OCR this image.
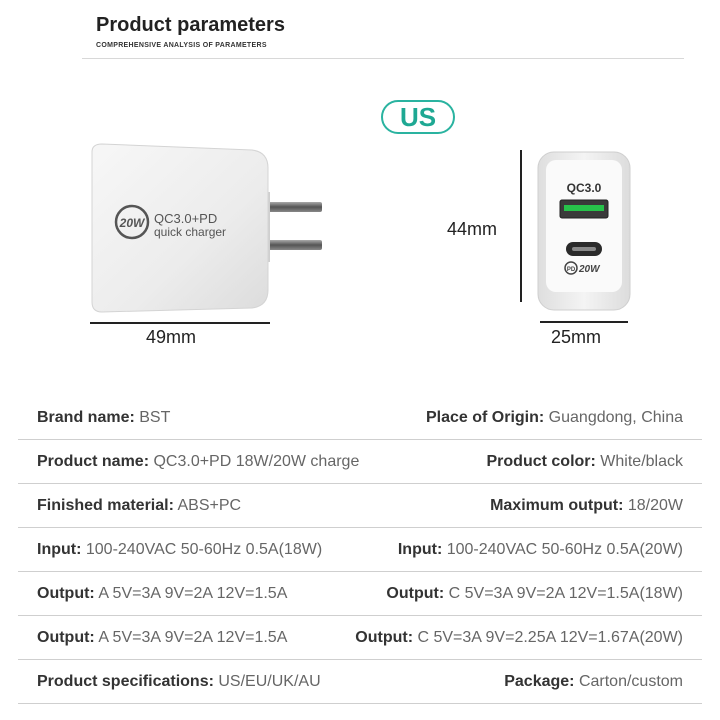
Product parameters
COMPREHENSIVE ANALYSIS OF PARAMETERS
US
20W QC3.0+PD
quick charger
49mm
QC3.0
PD 20W
44mm
25mm
Brand name: BST	Place of Origin: Guangdong, China
Product name: QC3.0+PD 18W/20W charge	Product color: White/black
Finished material: ABS+PC	Maximum output: 18/20W
Input: 100-240VAC 50-60Hz 0.5A(18W)	Input: 100-240VAC 50-60Hz 0.5A(20W)
Output: A 5V=3A 9V=2A 12V=1.5A	Output: C 5V=3A 9V=2A 12V=1.5A(18W)
Output: A 5V=3A 9V=2A 12V=1.5A	Output: C 5V=3A 9V=2.25A 12V=1.67A(20W)
Product specifications: US/EU/UK/AU	Package: Carton/custom
